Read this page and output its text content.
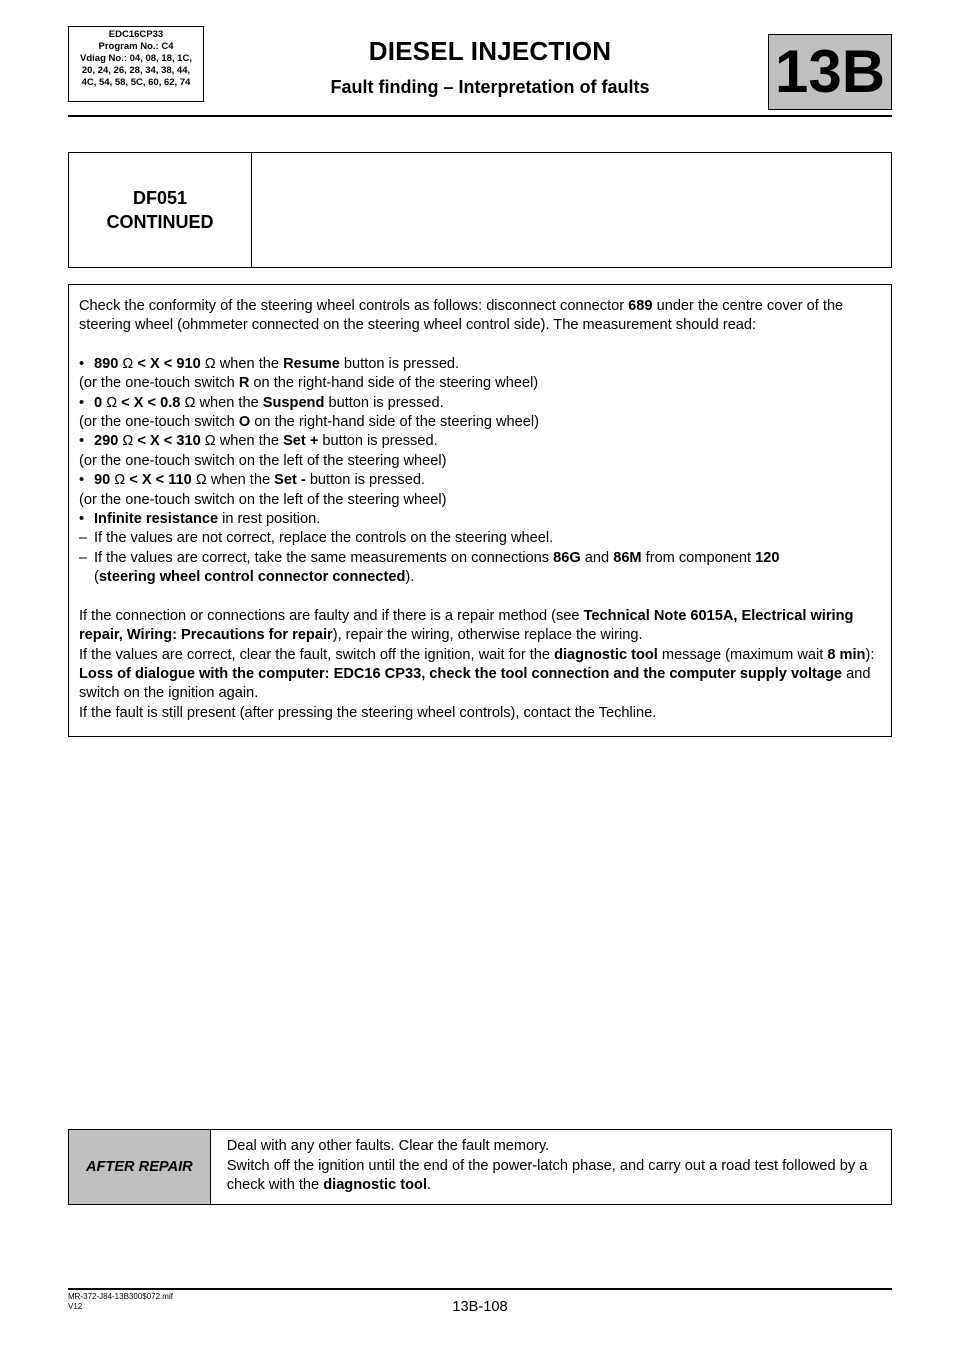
EDC16CP33
Program No.: C4
Vdiag No.: 04, 08, 18, 1C,
20, 24, 26, 28, 34, 38, 44,
4C, 54, 58, 5C, 60, 62, 74
DIESEL INJECTION
Fault finding – Interpretation of faults	13B
DF051
CONTINUED

Check the conformity of the steering wheel controls as follows: disconnect connector 689 under the centre cover of the steering wheel (ohmmeter connected on the steering wheel control side). The measurement should read:

• 890 Ω < X < 910 Ω when the Resume button is pressed.

(or the one-touch switch R on the right-hand side of the steering wheel)

• 0 Ω < X < 0.8 Ω when the Suspend button is pressed.

(or the one-touch switch O on the right-hand side of the steering wheel)

• 290 Ω < X < 310 Ω when the Set + button is pressed.

(or the one-touch switch on the left of the steering wheel)

• 90 Ω < X < 110 Ω when the Set - button is pressed.

(or the one-touch switch on the left of the steering wheel)

• Infinite resistance in rest position.

– If the values are not correct, replace the controls on the steering wheel.
– If the values are correct, take the same measurements on connections 86G and 86M from component 120
(steering wheel control connector connected).

If the connection or connections are faulty and if there is a repair method (see Technical Note 6015A, Electrical wiring repair, Wiring: Precautions for repair), repair the wiring, otherwise replace the wiring.

If the values are correct, clear the fault, switch off the ignition, wait for the diagnostic tool message (maximum wait 8 min): Loss of dialogue with the computer: EDC16 CP33, check the tool connection and the computer supply voltage and switch on the ignition again.

If the fault is still present (after pressing the steering wheel controls), contact the Techline.

AFTER REPAIR

Deal with any other faults. Clear the fault memory.

Switch off the ignition until the end of the power-latch phase, and carry out a road test followed by a check with the diagnostic tool.

MR-372-J84-13B300$072.mif
V12	13B-108
